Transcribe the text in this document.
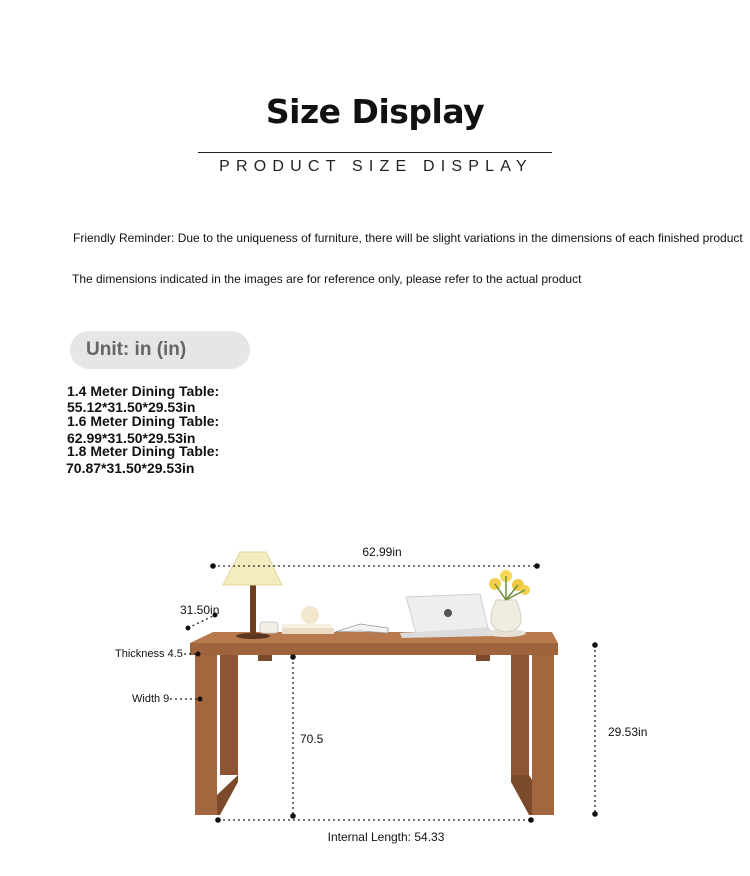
Size Display
PRODUCT SIZE DISPLAY
Friendly Reminder: Due to the uniqueness of furniture, there will be slight variations in the dimensions of each finished product
The dimensions indicated in the images are for reference only, please refer to the actual product
Unit: in (in)
1.4 Meter Dining Table:
55.12*31.50*29.53in
1.6 Meter Dining Table:
62.99*31.50*29.53in
1.8 Meter Dining Table:
70.87*31.50*29.53in
62.99in
31.50in
Thickness 4.5
Width 9
70.5	29.53in
Internal Length: 54.33
